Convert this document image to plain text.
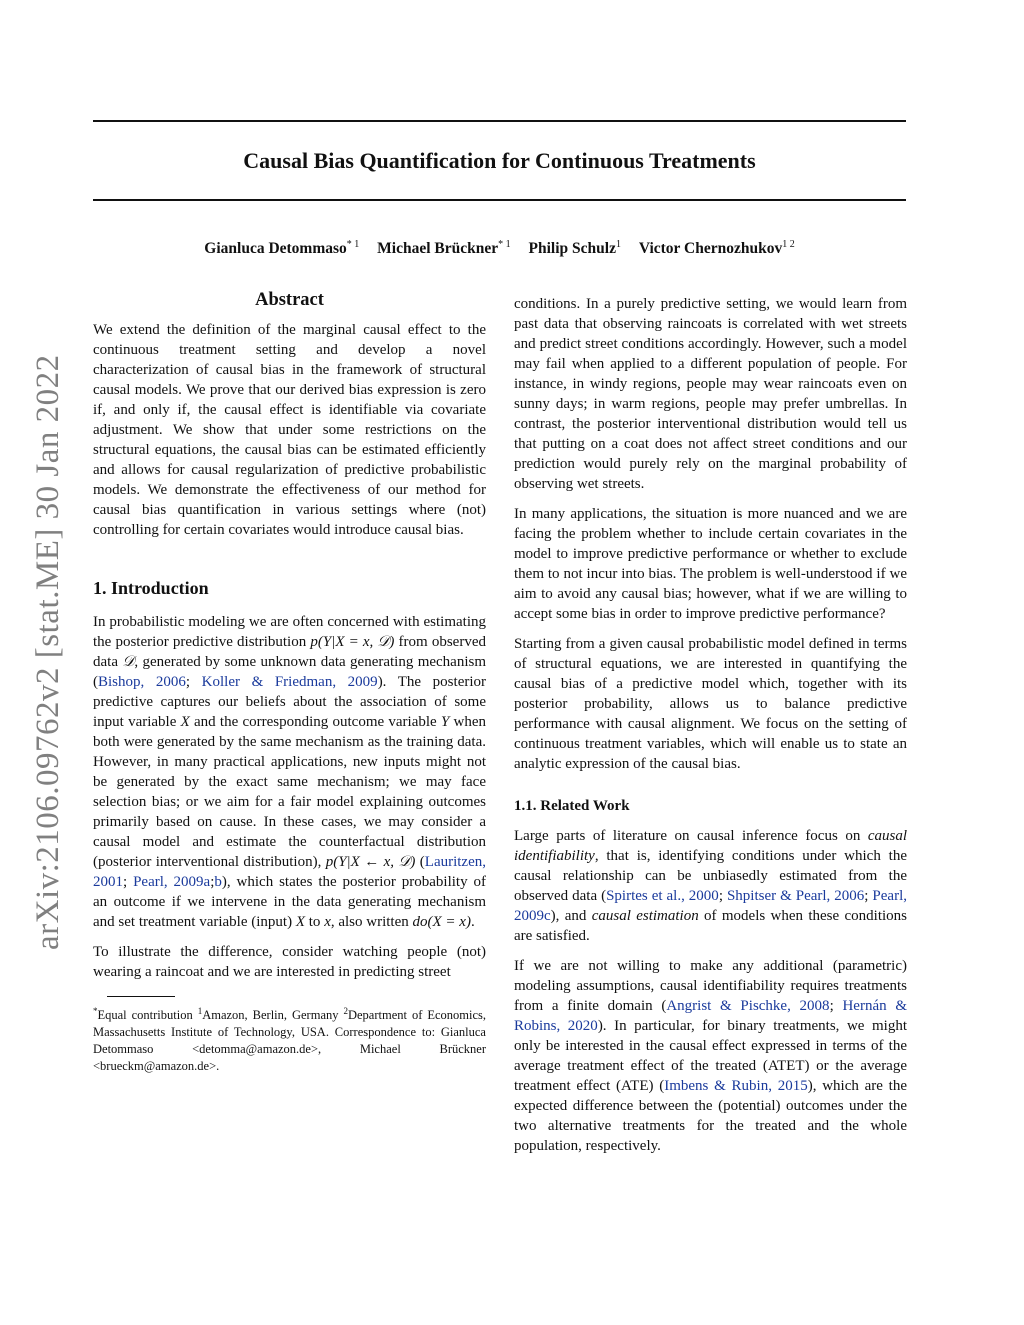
Causal Bias Quantification for Continuous Treatments
Gianluca Detommaso$^{* 1}$ Michael Brückner$^{* 1}$ Philip Schulz$^1$ Victor Chernozhukov$^{1 2}$
arXiv:2106.09762v2 [stat.ME] 30 Jan 2022
Abstract

We extend the definition of the marginal causal effect to the continuous treatment setting and develop a novel characterization of causal bias in the framework of structural causal models. We prove that our derived bias expression is zero if, and only if, the causal effect is identifiable via covariate adjustment. We show that under some restrictions on the structural equations, the causal bias can be estimated efficiently and allows for causal regularization of predictive probabilistic models. We demonstrate the effectiveness of our method for causal bias quantification in various settings where (not) controlling for certain covariates would introduce causal bias.

1. Introduction

In probabilistic modeling we are often concerned with estimating the posterior predictive distribution p(Y|X = x, 𝒟) from observed data 𝒟, generated by some unknown data generating mechanism (Bishop, 2006; Koller & Friedman, 2009). The posterior predictive captures our beliefs about the association of some input variable X and the corresponding outcome variable Y when both were generated by the same mechanism as the training data. However, in many practical applications, new inputs might not be generated by the exact same mechanism; we may face selection bias; or we aim for a fair model explaining outcomes primarily based on cause. In these cases, we may consider a causal model and estimate the counterfactual distribution (posterior interventional distribution), p(Y|X ← x, 𝒟) (Lauritzen, 2001; Pearl, 2009a;b), which states the posterior probability of an outcome if we intervene in the data generating mechanism and set treatment variable (input) X to x, also written do(X = x).

To illustrate the difference, consider watching people (not) wearing a raincoat and we are interested in predicting street

*Equal contribution $^1$Amazon, Berlin, Germany $^2$Department of Economics, Massachusetts Institute of Technology, USA. Correspondence to: Gianluca Detommaso <detomma@amazon.de>, Michael Brückner <brueckm@amazon.de>.

conditions. In a purely predictive setting, we would learn from past data that observing raincoats is correlated with wet streets and predict street conditions accordingly. However, such a model may fail when applied to a different population of people. For instance, in windy regions, people may wear raincoats even on sunny days; in warm regions, people may prefer umbrellas. In contrast, the posterior interventional distribution would tell us that putting on a coat does not affect street conditions and our prediction would purely rely on the marginal probability of observing wet streets.

In many applications, the situation is more nuanced and we are facing the problem whether to include certain covariates in the model to improve predictive performance or whether to exclude them to not incur into bias. The problem is well-understood if we aim to avoid any causal bias; however, what if we are willing to accept some bias in order to improve predictive performance?

Starting from a given causal probabilistic model defined in terms of structural equations, we are interested in quantifying the causal bias of a predictive model which, together with its posterior probability, allows us to balance predictive performance with causal alignment. We focus on the setting of continuous treatment variables, which will enable us to state an analytic expression of the causal bias.

1.1. Related Work

Large parts of literature on causal inference focus on causal identifiability, that is, identifying conditions under which the causal relationship can be unbiasedly estimated from the observed data (Spirtes et al., 2000; Shpitser & Pearl, 2006; Pearl, 2009c), and causal estimation of models when these conditions are satisfied.

If we are not willing to make any additional (parametric) modeling assumptions, causal identifiability requires treatments from a finite domain (Angrist & Pischke, 2008; Hernán & Robins, 2020). In particular, for binary treatments, we might only be interested in the causal effect expressed in terms of the average treatment effect of the treated (ATET) or the average treatment effect (ATE) (Imbens & Rubin, 2015), which are the expected difference between the (potential) outcomes under the two alternative treatments for the treated and the whole population, respectively.
